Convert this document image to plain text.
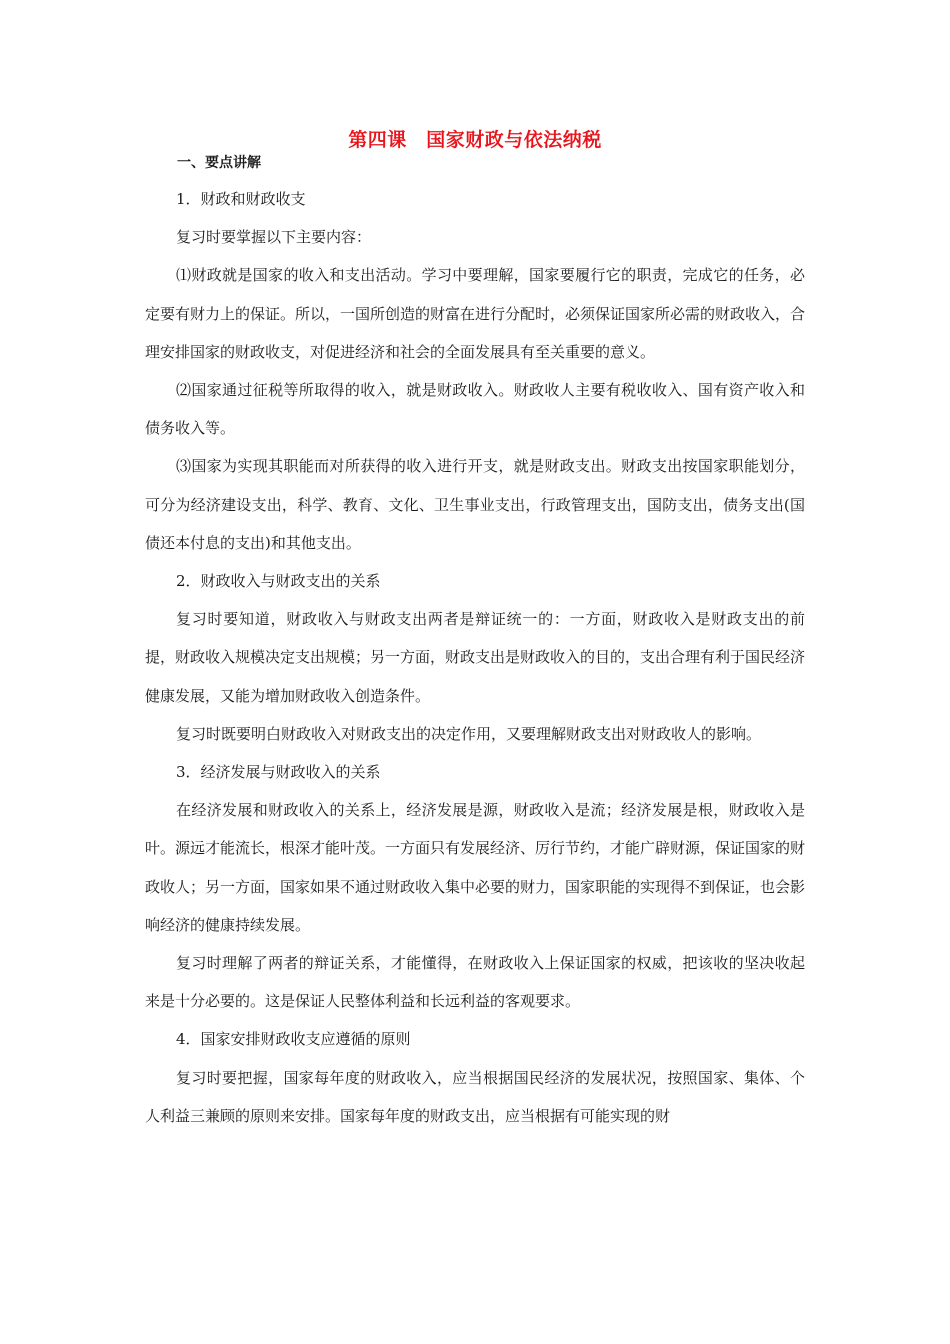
第四课　国家财政与依法纳税
一、要点讲解

1．财政和财政收支

复习时要掌握以下主要内容：

⑴财政就是国家的收入和支出活动。学习中要理解，国家要履行它的职责，完成它的任务，必定要有财力上的保证。所以，一国所创造的财富在进行分配时，必须保证国家所必需的财政收入，合理安排国家的财政收支，对促进经济和社会的全面发展具有至关重要的意义。

⑵国家通过征税等所取得的收入，就是财政收入。财政收人主要有税收收入、国有资产收入和债务收入等。

⑶国家为实现其职能而对所获得的收入进行开支，就是财政支出。财政支出按国家职能划分，可分为经济建设支出，科学、教育、文化、卫生事业支出，行政管理支出，国防支出，债务支出(国债还本付息的支出)和其他支出。

2．财政收入与财政支出的关系

复习时要知道，财政收入与财政支出两者是辩证统一的：一方面，财政收入是财政支出的前提，财政收入规模决定支出规模；另一方面，财政支出是财政收入的目的，支出合理有利于国民经济健康发展，又能为增加财政收入创造条件。

复习时既要明白财政收入对财政支出的决定作用，又要理解财政支出对财政收人的影响。

3．经济发展与财政收入的关系

在经济发展和财政收入的关系上，经济发展是源，财政收入是流；经济发展是根，财政收入是叶。源远才能流长，根深才能叶茂。一方面只有发展经济、厉行节约，才能广辟财源，保证国家的财政收人；另一方面，国家如果不通过财政收入集中必要的财力，国家职能的实现得不到保证，也会影响经济的健康持续发展。

复习时理解了两者的辩证关系，才能懂得，在财政收入上保证国家的权威，把该收的坚决收起来是十分必要的。这是保证人民整体利益和长远利益的客观要求。

4．国家安排财政收支应遵循的原则

复习时要把握，国家每年度的财政收入，应当根据国民经济的发展状况，按照国家、集体、个人利益三兼顾的原则来安排。国家每年度的财政支出，应当根据有可能实现的财
